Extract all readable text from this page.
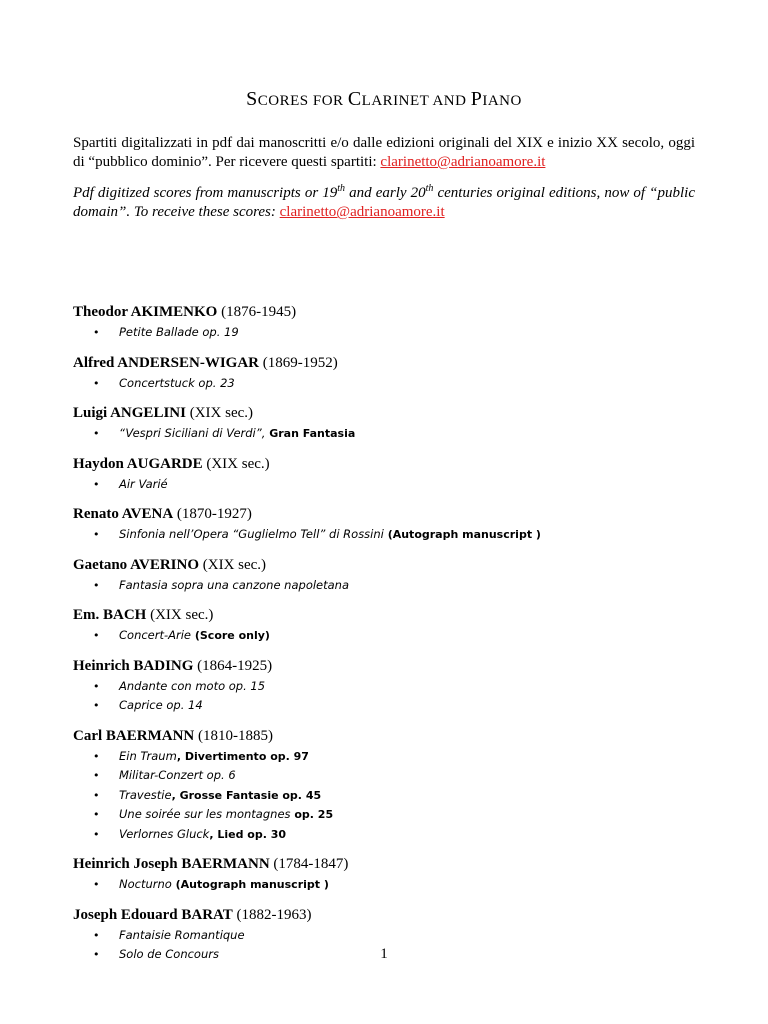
SCORES FOR CLARINET AND PIANO
Spartiti digitalizzati in pdf dai manoscritti e/o dalle edizioni originali del XIX e inizio XX secolo, oggi di “pubblico dominio”. Per ricevere questi spartiti: clarinetto@adrianoamore.it
Pdf digitized scores from manuscripts or 19th and early 20th centuries original editions, now of “public domain”. To receive these scores: clarinetto@adrianoamore.it
Theodor AKIMENKO (1876-1945)
• Petite Ballade op. 19
Alfred ANDERSEN-WIGAR (1869-1952)
• Concertstuck op. 23
Luigi ANGELINI (XIX sec.)
• “Vespri Siciliani di Verdi”, Gran Fantasia
Haydon AUGARDE (XIX sec.)
• Air Varié
Renato AVENA (1870-1927)
• Sinfonia nell’Opera “Guglielmo Tell” di Rossini (Autograph manuscript )
Gaetano AVERINO (XIX sec.)
• Fantasia sopra una canzone napoletana
Em. BACH (XIX sec.)
• Concert-Arie (Score only)
Heinrich BADING (1864-1925)
• Andante con moto op. 15
• Caprice op. 14
Carl BAERMANN (1810-1885)
• Ein Traum, Divertimento op. 97
• Militar-Conzert op. 6
• Travestie, Grosse Fantasie op. 45
• Une soirée sur les montagnes op. 25
• Verlornes Gluck, Lied op. 30
Heinrich Joseph BAERMANN (1784-1847)
• Nocturno (Autograph manuscript )
Joseph Edouard BARAT (1882-1963)
• Fantaisie Romantique
• Solo de Concours	1
